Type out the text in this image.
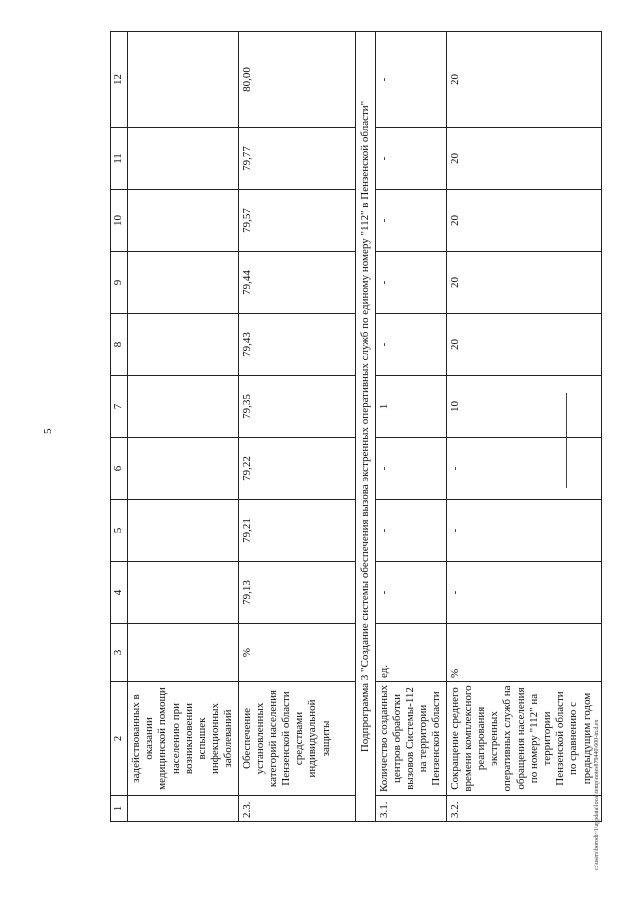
5
1	2	3	4	5	6	7	8	9	10	11	12
	задействованных в оказании медицинской помощи населению при возникновении вспышек инфекционных заболеваний										
2.3.	Обеспечение установленных категорий населения Пензенской области средствами индивидуальной защиты	%	79,13	79,21	79,22	79,35	79,43	79,44	79,57	79,77	80,00
Подпрограмма 3 "Создание системы обеспечения вызова экстренных оперативных служб по единому номеру "112" в Пензенской области"											
3.1.	Количество созданных центров обработки вызовов Системы-112 на территории Пензенской области	ед.	-	-	-	1	-	-	-	-	-
3.2.	Сокращение среднего времени комплексного реагирования экстренных оперативных служб на обращения населения по номеру "112" на территории Пензенской области по сравнению с предыдущим годом	%	-	-	-	10	20	20	20	20	20
c:\users\borodi~1\appdata\local\temp\notes879440\600-in.d.ex
